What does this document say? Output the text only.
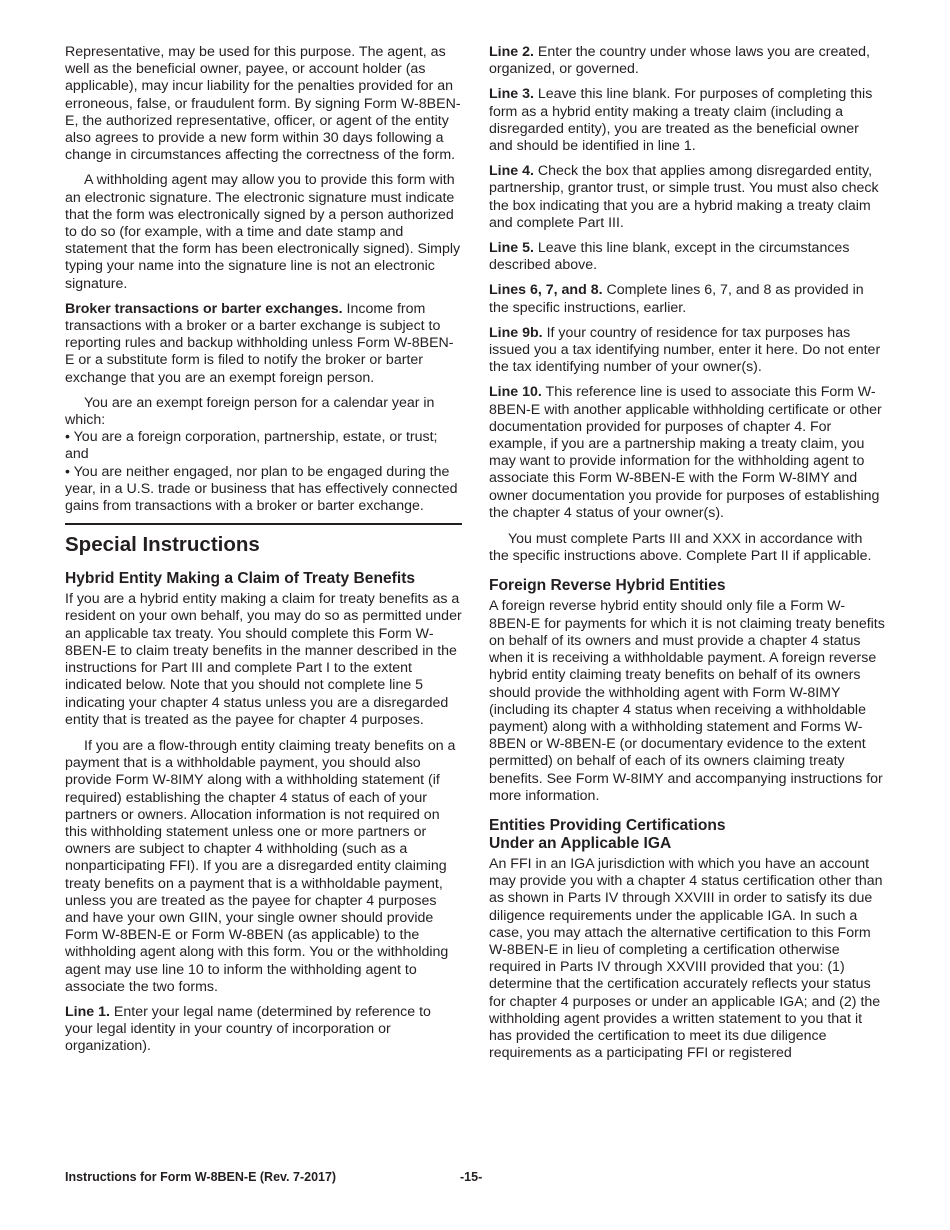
Representative, may be used for this purpose. The agent, as well as the beneficial owner, payee, or account holder (as applicable), may incur liability for the penalties provided for an erroneous, false, or fraudulent form. By signing Form W-8BEN-E, the authorized representative, officer, or agent of the entity also agrees to provide a new form within 30 days following a change in circumstances affecting the correctness of the form.

A withholding agent may allow you to provide this form with an electronic signature. The electronic signature must indicate that the form was electronically signed by a person authorized to do so (for example, with a time and date stamp and statement that the form has been electronically signed). Simply typing your name into the signature line is not an electronic signature.

Broker transactions or barter exchanges. Income from transactions with a broker or a barter exchange is subject to reporting rules and backup withholding unless Form W-8BEN-E or a substitute form is filed to notify the broker or barter exchange that you are an exempt foreign person.

You are an exempt foreign person for a calendar year in which:

• You are a foreign corporation, partnership, estate, or trust; and

• You are neither engaged, nor plan to be engaged during the year, in a U.S. trade or business that has effectively connected gains from transactions with a broker or barter exchange.

Special Instructions
Hybrid Entity Making a Claim of Treaty Benefits

If you are a hybrid entity making a claim for treaty benefits as a resident on your own behalf, you may do so as permitted under an applicable tax treaty. You should complete this Form W-8BEN-E to claim treaty benefits in the manner described in the instructions for Part III and complete Part I to the extent indicated below. Note that you should not complete line 5 indicating your chapter 4 status unless you are a disregarded entity that is treated as the payee for chapter 4 purposes.

If you are a flow-through entity claiming treaty benefits on a payment that is a withholdable payment, you should also provide Form W-8IMY along with a withholding statement (if required) establishing the chapter 4 status of each of your partners or owners. Allocation information is not required on this withholding statement unless one or more partners or owners are subject to chapter 4 withholding (such as a nonparticipating FFI). If you are a disregarded entity claiming treaty benefits on a payment that is a withholdable payment, unless you are treated as the payee for chapter 4 purposes and have your own GIIN, your single owner should provide Form W-8BEN-E or Form W-8BEN (as applicable) to the withholding agent along with this form. You or the withholding agent may use line 10 to inform the withholding agent to associate the two forms.

Line 1. Enter your legal name (determined by reference to your legal identity in your country of incorporation or organization).

Line 2. Enter the country under whose laws you are created, organized, or governed.

Line 3. Leave this line blank. For purposes of completing this form as a hybrid entity making a treaty claim (including a disregarded entity), you are treated as the beneficial owner and should be identified in line 1.

Line 4. Check the box that applies among disregarded entity, partnership, grantor trust, or simple trust. You must also check the box indicating that you are a hybrid making a treaty claim and complete Part III.

Line 5. Leave this line blank, except in the circumstances described above.

Lines 6, 7, and 8. Complete lines 6, 7, and 8 as provided in the specific instructions, earlier.

Line 9b. If your country of residence for tax purposes has issued you a tax identifying number, enter it here. Do not enter the tax identifying number of your owner(s).

Line 10. This reference line is used to associate this Form W-8BEN-E with another applicable withholding certificate or other documentation provided for purposes of chapter 4. For example, if you are a partnership making a treaty claim, you may want to provide information for the withholding agent to associate this Form W-8BEN-E with the Form W-8IMY and owner documentation you provide for purposes of establishing the chapter 4 status of your owner(s).

You must complete Parts III and XXX in accordance with the specific instructions above. Complete Part II if applicable.

Foreign Reverse Hybrid Entities

A foreign reverse hybrid entity should only file a Form W-8BEN-E for payments for which it is not claiming treaty benefits on behalf of its owners and must provide a chapter 4 status when it is receiving a withholdable payment. A foreign reverse hybrid entity claiming treaty benefits on behalf of its owners should provide the withholding agent with Form W-8IMY (including its chapter 4 status when receiving a withholdable payment) along with a withholding statement and Forms W-8BEN or W-8BEN-E (or documentary evidence to the extent permitted) on behalf of each of its owners claiming treaty benefits. See Form W-8IMY and accompanying instructions for more information.

Entities Providing Certifications
Under an Applicable IGA

An FFI in an IGA jurisdiction with which you have an account may provide you with a chapter 4 status certification other than as shown in Parts IV through XXVIII in order to satisfy its due diligence requirements under the applicable IGA. In such a case, you may attach the alternative certification to this Form W-8BEN-E in lieu of completing a certification otherwise required in Parts IV through XXVIII provided that you: (1) determine that the certification accurately reflects your status for chapter 4 purposes or under an applicable IGA; and (2) the withholding agent provides a written statement to you that it has provided the certification to meet its due diligence requirements as a participating FFI or registered

Instructions for Form W-8BEN-E (Rev. 7-2017)	-15-
